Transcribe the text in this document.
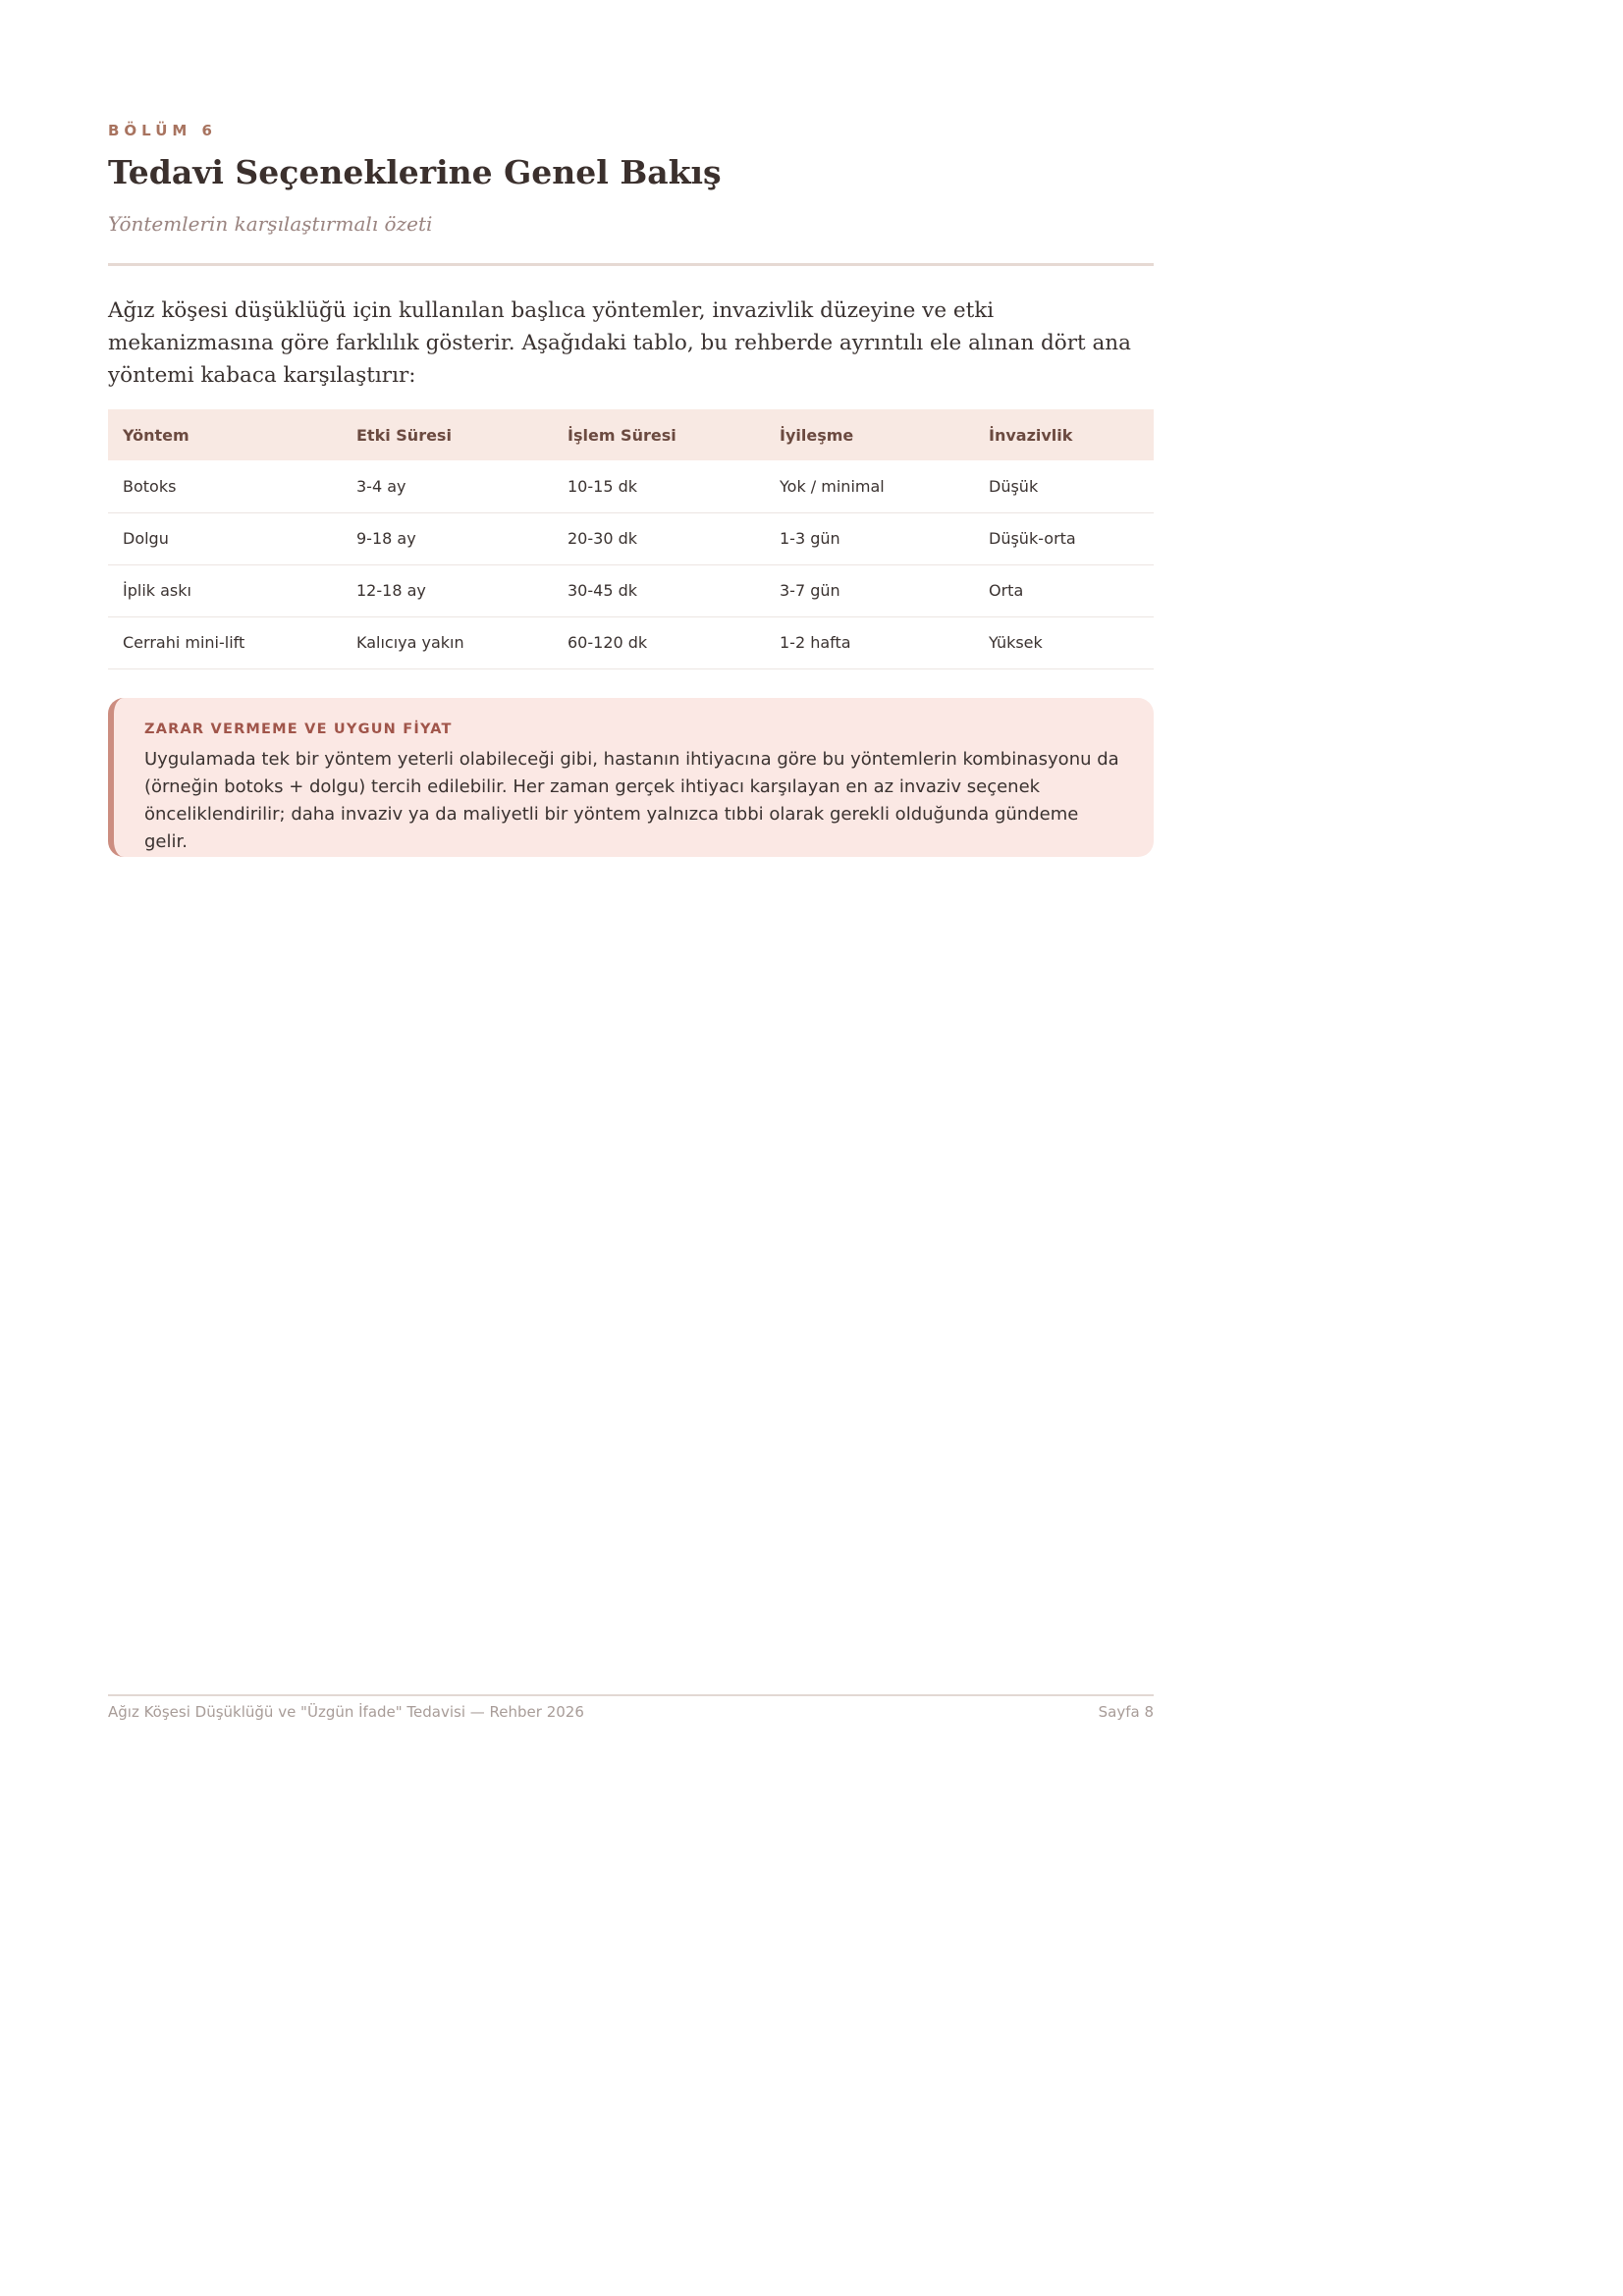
BÖLÜM 6
Tedavi Seçeneklerine Genel Bakış
Yöntemlerin karşılaştırmalı özeti

Ağız köşesi düşüklüğü için kullanılan başlıca yöntemler, invazivlik düzeyine ve etki mekanizmasına göre farklılık gösterir. Aşağıdaki tablo, bu rehberde ayrıntılı ele alınan dört ana yöntemi kabaca karşılaştırır:

Yöntem	Etki Süresi	İşlem Süresi	İyileşme	İnvazivlik
Botoks	3-4 ay	10-15 dk	Yok / minimal	Düşük
Dolgu	9-18 ay	20-30 dk	1-3 gün	Düşük-orta
İplik askı	12-18 ay	30-45 dk	3-7 gün	Orta
Cerrahi mini-lift	Kalıcıya yakın	60-120 dk	1-2 hafta	Yüksek
ZARAR VERMEME VE UYGUN FİYAT

Uygulamada tek bir yöntem yeterli olabileceği gibi, hastanın ihtiyacına göre bu yöntemlerin kombinasyonu da (örneğin botoks + dolgu) tercih edilebilir. Her zaman gerçek ihtiyacı karşılayan en az invaziv seçenek önceliklendirilir; daha invaziv ya da maliyetli bir yöntem yalnızca tıbbi olarak gerekli olduğunda gündeme gelir.

Ağız Köşesi Düşüklüğü ve "Üzgün İfade" Tedavisi — Rehber 2026	Sayfa 8
